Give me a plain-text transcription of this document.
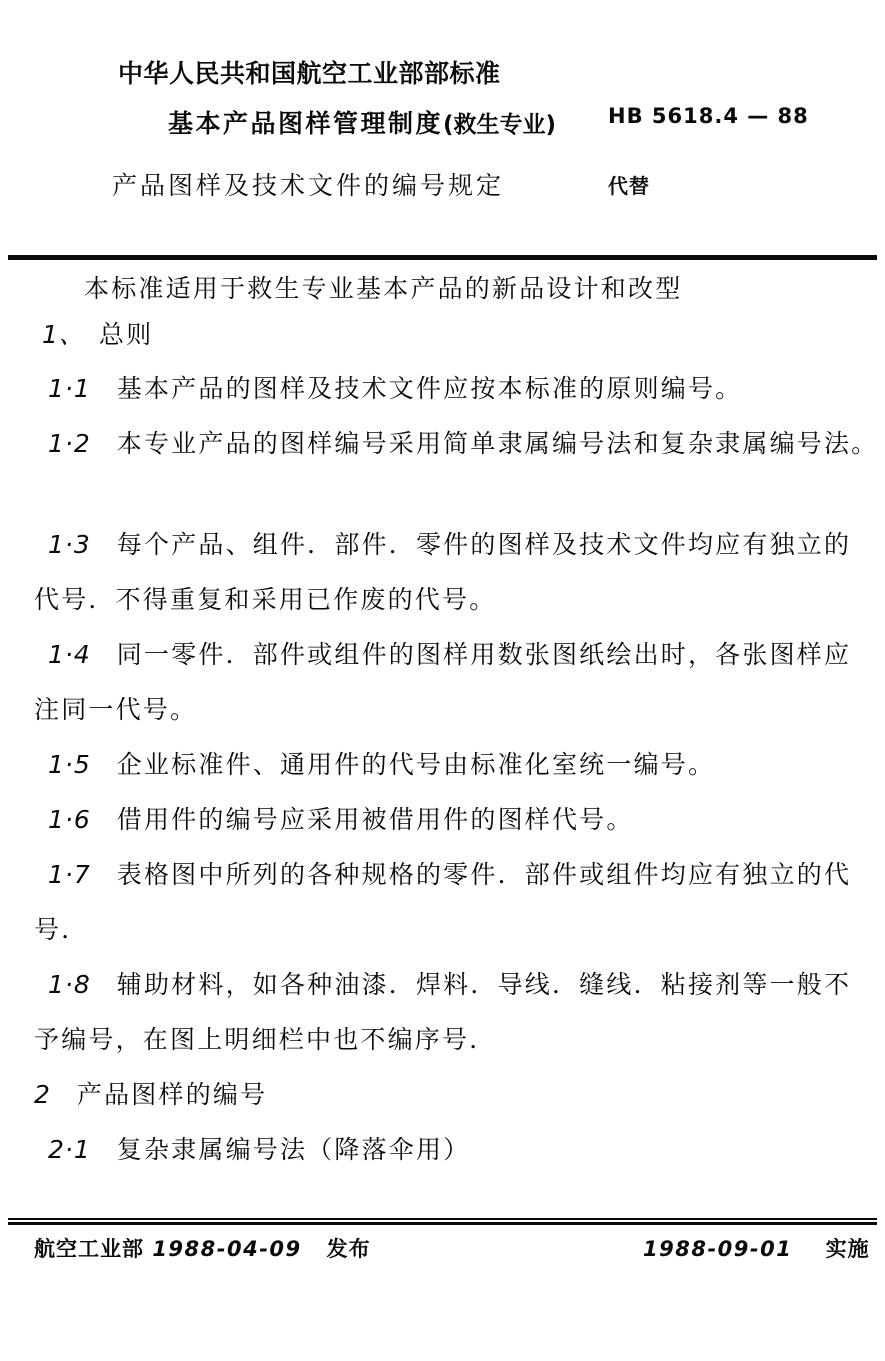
中华人民共和国航空工业部部标准
基本产品图样管理制度(救生专业)
产品图样及技术文件的编号规定
HB 5618.4 — 88
代替
本标准适用于救生专业基本产品的新品设计和改型
1、 总则
1·1 基本产品的图样及技术文件应按本标准的原则编号。
1·2 本专业产品的图样编号采用简单隶属编号法和复杂隶属编号法。
1·3 每个产品、组件．部件．零件的图样及技术文件均应有独立的
代号．不得重复和采用已作废的代号。
1·4 同一零件．部件或组件的图样用数张图纸绘出时，各张图样应
注同一代号。
1·5 企业标准件、通用件的代号由标准化室统一编号。
1·6 借用件的编号应采用被借用件的图样代号。
1·7 表格图中所列的各种规格的零件．部件或组件均应有独立的代
号．
1·8 辅助材料，如各种油漆．焊料．导线．缝线．粘接剂等一般不
予编号，在图上明细栏中也不编序号．
2 产品图样的编号
2·1 复杂隶属编号法（降落伞用）
航空工业部 1988-04-09 发布	1988-09-01 实施
